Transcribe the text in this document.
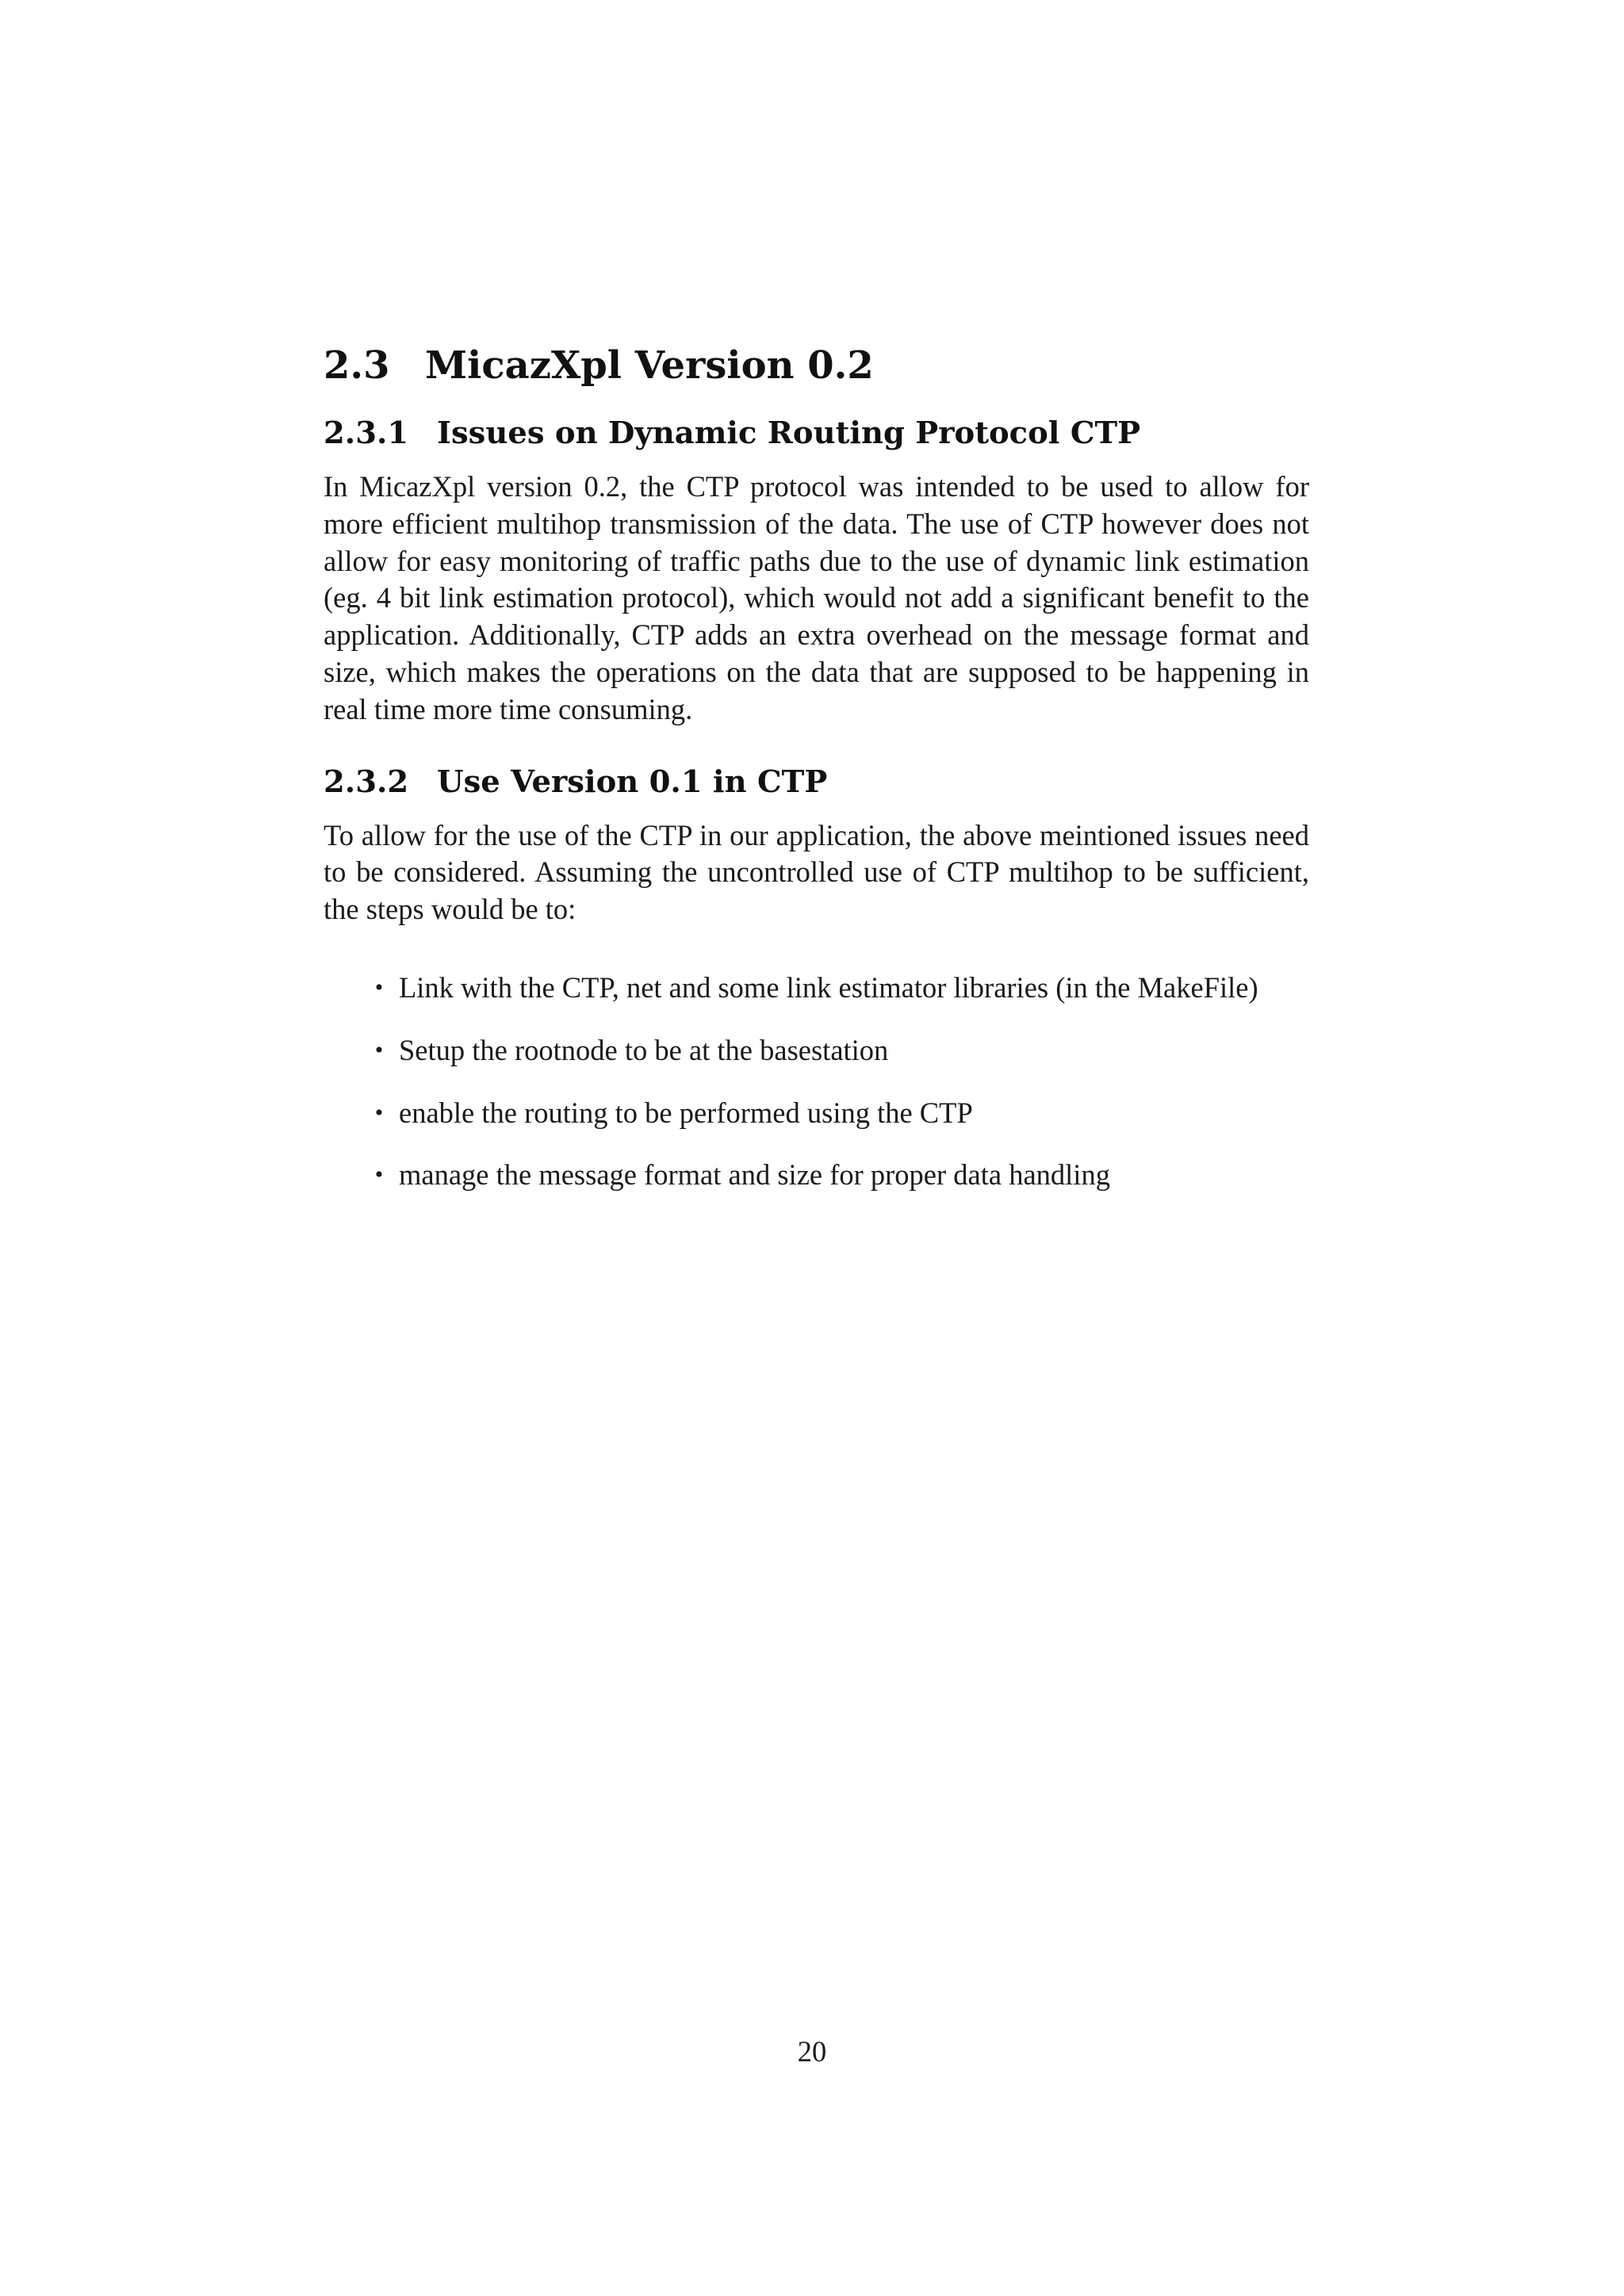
2.3 MicazXpl Version 0.2
2.3.1 Issues on Dynamic Routing Protocol CTP

In MicazXpl version 0.2, the CTP protocol was intended to be used to allow for more efficient multihop transmission of the data. The use of CTP however does not allow for easy monitoring of traffic paths due to the use of dynamic link estimation (eg. 4 bit link estimation protocol), which would not add a significant benefit to the application. Additionally, CTP adds an extra overhead on the message format and size, which makes the operations on the data that are supposed to be happening in real time more time consuming.

2.3.2 Use Version 0.1 in CTP

To allow for the use of the CTP in our application, the above meintioned issues need to be considered. Assuming the uncontrolled use of CTP multihop to be sufficient, the steps would be to:

• Link with the CTP, net and some link estimator libraries (in the MakeFile)
• Setup the rootnode to be at the basestation
• enable the routing to be performed using the CTP
• manage the message format and size for proper data handling
20
